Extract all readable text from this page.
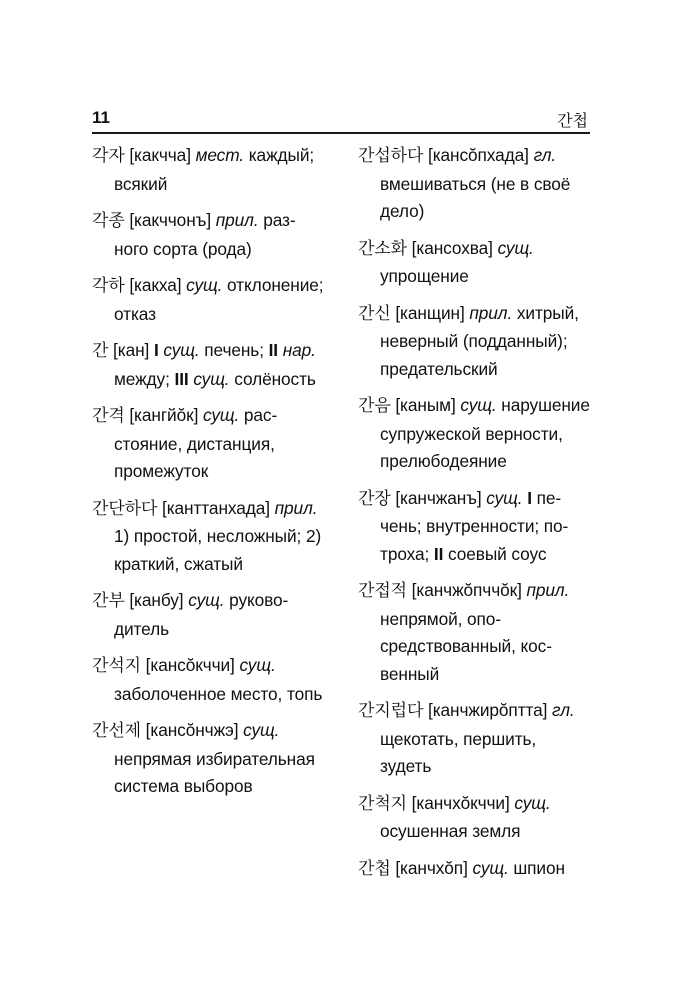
11	간첩
각자 [какчча] мест. каждый; всякий
각종 [какччонъ] прил. разного сорта (рода)
각하 [какха] сущ. отклонение; отказ
간 [кан] I сущ. печень; II нар. между; III сущ. солёность
간격 [кангйŏк] сущ. расстояние, дистанция, промежуток
간단하다 [канттанхада] прил. 1) простой, несложный; 2) краткий, сжатый
간부 [канбу] сущ. руководитель
간석지 [кансŏкччи] сущ. заболоченное место, топь
간선제 [кансŏнчжэ] сущ. непрямая избирательная система выборов
간섭하다 [кансŏпхада] гл. вмешиваться (не в своё дело)
간소화 [кансохва] сущ. упрощение
간신 [канщин] прил. хитрый, неверный (подданный); предательский
간음 [каным] сущ. нарушение супружеской верности, прелюбодеяние
간장 [канчжанъ] сущ. I печень; внутренности; потроха; II соевый соус
간접적 [канчжŏпччŏк] прил. непрямой, опосредствованный, косвенный
간지럽다 [канчжирŏптта] гл. щекотать, першить, зудеть
간척지 [канчхŏкччи] сущ. осушенная земля
간첩 [канчхŏп] сущ. шпион
